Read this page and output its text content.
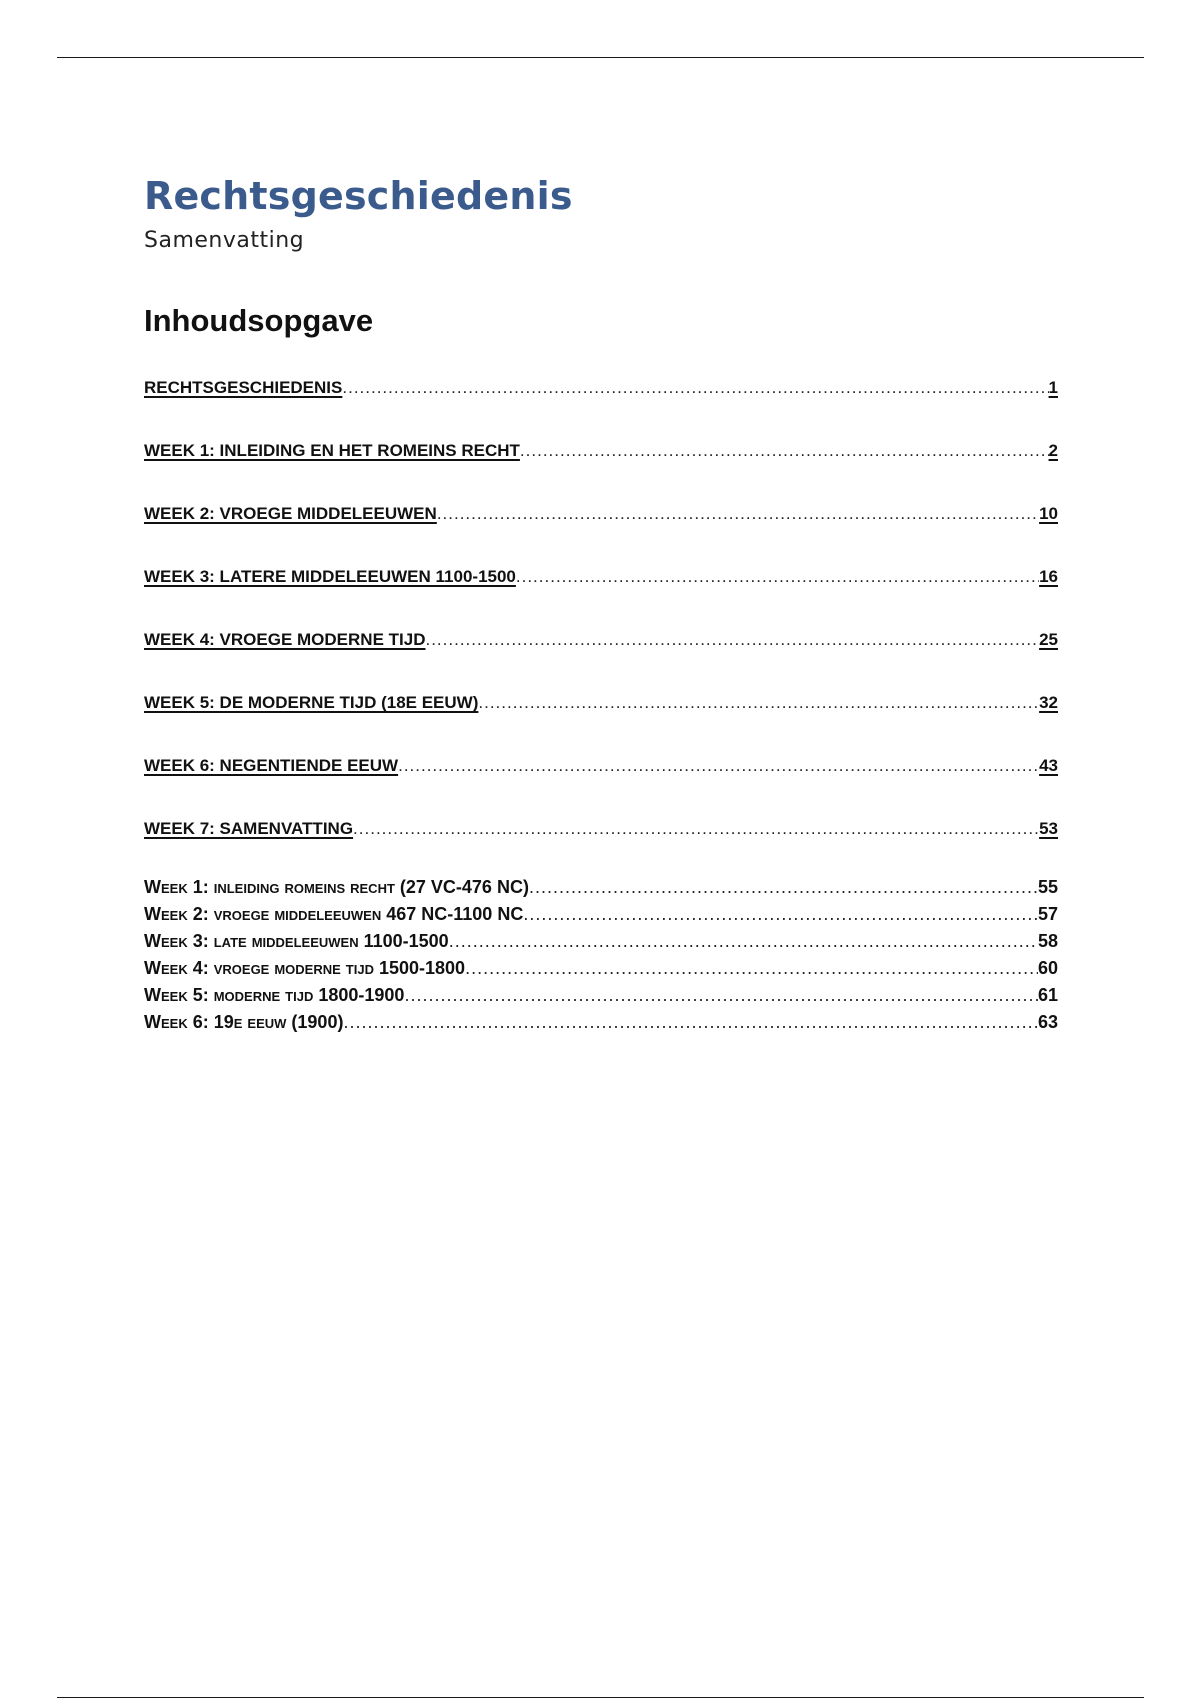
Rechtsgeschiedenis
Samenvatting
Inhoudsopgave
RECHTSGESCHIEDENIS .....	1
WEEK 1: INLEIDING EN HET ROMEINS RECHT .....	2
WEEK 2: VROEGE MIDDELEEUWEN .....	10
WEEK 3: LATERE MIDDELEEUWEN 1100-1500 .....	16
WEEK 4: VROEGE MODERNE TIJD .....	25
WEEK 5: DE MODERNE TIJD (18E EEUW) .....	32
WEEK 6: NEGENTIENDE EEUW .....	43
WEEK 7: SAMENVATTING .....	53
Week 1: inleiding romeins recht (27 VC-476 NC) .....	55
Week 2: vroege middeleeuwen 467 NC-1100 NC .....	57
Week 3: late middeleeuwen 1100-1500 .....	58
Week 4: vroege moderne tijd 1500-1800 .....	60
Week 5: moderne tijd 1800-1900 .....	61
Week 6: 19e eeuw (1900) .....	63
